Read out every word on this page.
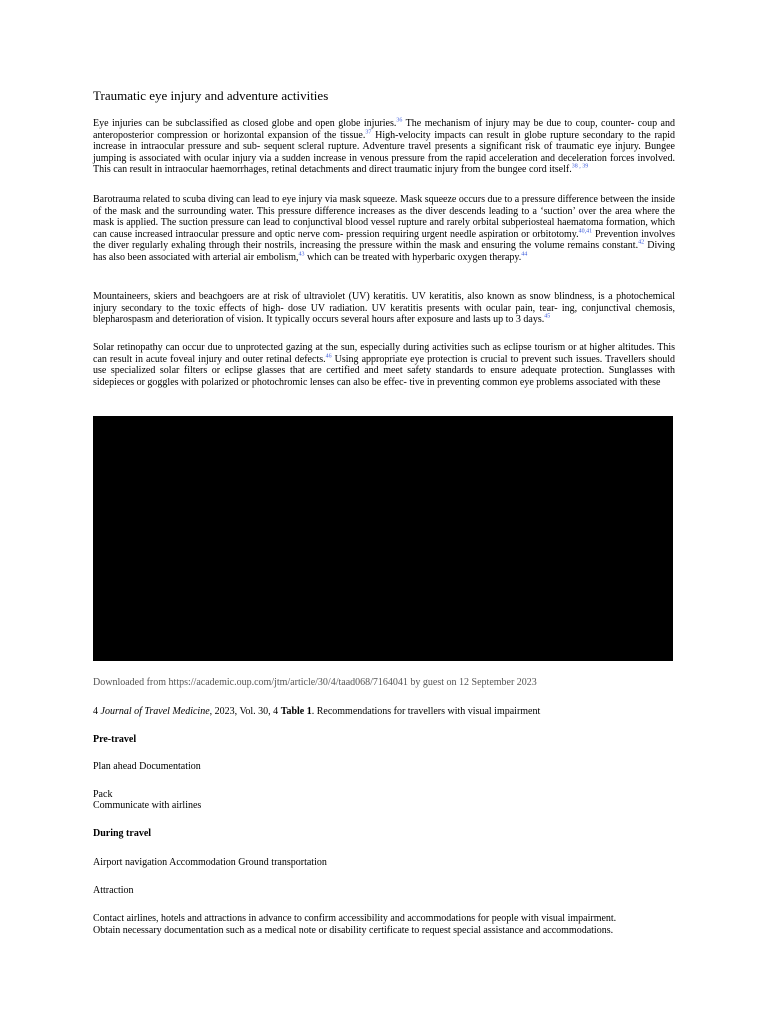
Traumatic eye injury and adventure activities

Eye injuries can be subclassified as closed globe and open globe injuries.$^{36}$ The mechanism of injury may be due to coup, counter- coup and anteroposterior compression or horizontal expansion of the tissue.$^{37}$ High-velocity impacts can result in globe rupture secondary to the rapid increase in intraocular pressure and sub- sequent scleral rupture. Adventure travel presents a significant risk of traumatic eye injury. Bungee jumping is associated with ocular injury via a sudden increase in venous pressure from the rapid acceleration and deceleration forces involved. This can result in intraocular haemorrhages, retinal detachments and direct traumatic injury from the bungee cord itself.$^{38 , 39}$

Barotrauma related to scuba diving can lead to eye injury via mask squeeze. Mask squeeze occurs due to a pressure difference between the inside of the mask and the surrounding water. This pressure difference increases as the diver descends leading to a ‘suction’ over the area where the mask is applied. The suction pressure can lead to conjunctival blood vessel rupture and rarely orbital subperiosteal haematoma formation, which can cause increased intraocular pressure and optic nerve com- pression requiring urgent needle aspiration or orbitotomy.$^{40,41}$ Prevention involves the diver regularly exhaling through their nostrils, increasing the pressure within the mask and ensuring the volume remains constant.$^{42}$ Diving has also been associated with arterial air embolism,$^{43}$ which can be treated with hyperbaric oxygen therapy.$^{44}$

Mountaineers, skiers and beachgoers are at risk of ultraviolet (UV) keratitis. UV keratitis, also known as snow blindness, is a photochemical injury secondary to the toxic effects of high- dose UV radiation. UV keratitis presents with ocular pain, tear- ing, conjunctival chemosis, blepharospasm and deterioration of vision. It typically occurs several hours after exposure and lasts up to 3 days.$^{45}$

Solar retinopathy can occur due to unprotected gazing at the sun, especially during activities such as eclipse tourism or at higher altitudes. This can result in acute foveal injury and outer retinal defects.$^{46}$ Using appropriate eye protection is crucial to prevent such issues. Travellers should use specialized solar filters or eclipse glasses that are certified and meet safety standards to ensure adequate protection. Sunglasses with sidepieces or goggles with polarized or photochromic lenses can also be effec- tive in preventing common eye problems associated with these

Downloaded from https://academic.oup.com/jtm/article/30/4/taad068/7164041 by guest on 12 September 2023

4 Journal of Travel Medicine, 2023, Vol. 30, 4 Table 1. Recommendations for travellers with visual impairment

Pre-travel

Plan ahead Documentation

Pack

Communicate with airlines

During travel

Airport navigation Accommodation Ground transportation

Attraction

Contact airlines, hotels and attractions in advance to confirm accessibility and accommodations for people with visual impairment.

Obtain necessary documentation such as a medical note or disability certificate to request special assistance and accommodations.
